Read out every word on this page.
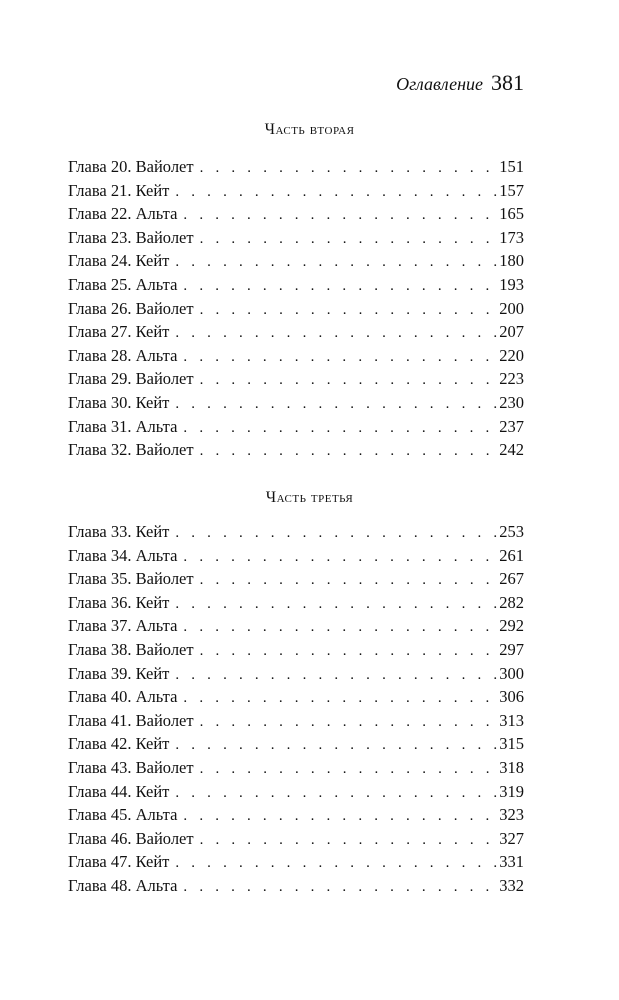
Оглавление 381
Часть вторая
Глава 20. Вайолет . . .	151
Глава 21. Кейт . . .	157
Глава 22. Альта . . .	165
Глава 23. Вайолет . . .	173
Глава 24. Кейт . . .	180
Глава 25. Альта . . .	193
Глава 26. Вайолет . . .	200
Глава 27. Кейт . . .	207
Глава 28. Альта . . .	220
Глава 29. Вайолет . . .	223
Глава 30. Кейт . . .	230
Глава 31. Альта . . .	237
Глава 32. Вайолет . . .	242
Часть третья
Глава 33. Кейт . . .	253
Глава 34. Альта . . .	261
Глава 35. Вайолет . . .	267
Глава 36. Кейт . . .	282
Глава 37. Альта . . .	292
Глава 38. Вайолет . . .	297
Глава 39. Кейт . . .	300
Глава 40. Альта . . .	306
Глава 41. Вайолет . . .	313
Глава 42. Кейт . . .	315
Глава 43. Вайолет . . .	318
Глава 44. Кейт . . .	319
Глава 45. Альта . . .	323
Глава 46. Вайолет . . .	327
Глава 47. Кейт . . .	331
Глава 48. Альта . . .	332
